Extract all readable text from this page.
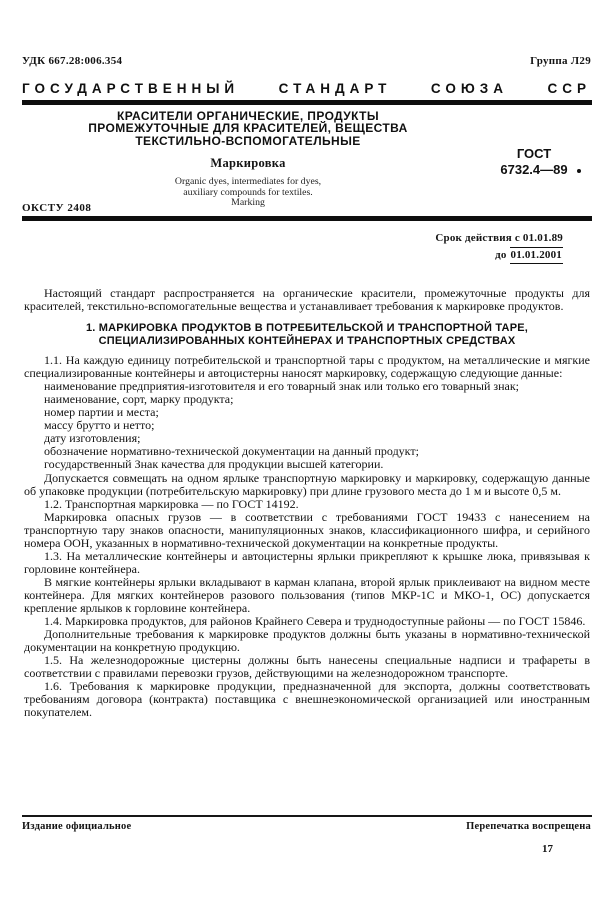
УДК 667.28:006.354	Группа Л29
ГОСУДАРСТВЕННЫЙ СТАНДАРТ СОЮЗА ССР
КРАСИТЕЛИ ОРГАНИЧЕСКИЕ, ПРОДУКТЫ
ПРОМЕЖУТОЧНЫЕ ДЛЯ КРАСИТЕЛЕЙ, ВЕЩЕСТВА
ТЕКСТИЛЬНО-ВСПОМОГАТЕЛЬНЫЕ
Маркировка
Organic dyes, intermediates for dyes,
auxiliary compounds for textiles.
Marking
ГОСТ
6732.4—89
ОКСТУ 2408
Срок действия с 01.01.89
до 01.01.2001

Настоящий стандарт распространяется на органические красители, промежуточные продукты для красителей, текстильно-вспомогательные вещества и устанавливает требования к маркировке продуктов.

1. МАРКИРОВКА ПРОДУКТОВ В ПОТРЕБИТЕЛЬСКОЙ И ТРАНСПОРТНОЙ ТАРЕ, СПЕЦИАЛИЗИРОВАННЫХ КОНТЕЙНЕРАХ И ТРАНСПОРТНЫХ СРЕДСТВАХ

1.1. На каждую единицу потребительской и транспортной тары с продуктом, на металлические и мягкие специализированные контейнеры и автоцистерны наносят маркировку, содержащую следующие данные:

наименование предприятия-изготовителя и его товарный знак или только его товарный знак;

наименование, сорт, марку продукта;

номер партии и места;

массу брутто и нетто;

дату изготовления;

обозначение нормативно-технической документации на данный продукт;

государственный Знак качества для продукции высшей категории.

Допускается совмещать на одном ярлыке транспортную маркировку и маркировку, содержащую данные об упаковке продукции (потребительскую маркировку) при длине грузового места до 1 м и высоте 0,5 м.

1.2. Транспортная маркировка — по ГОСТ 14192.

Маркировка опасных грузов — в соответствии с требованиями ГОСТ 19433 с нанесением на транспортную тару знаков опасности, манипуляционных знаков, классификационного шифра, и серийного номера ООН, указанных в нормативно-технической документации на конкретные продукты.

1.3. На металлические контейнеры и автоцистерны ярлыки прикрепляют к крышке люка, привязывая к горловине контейнера.

В мягкие контейнеры ярлыки вкладывают в карман клапана, второй ярлык приклеивают на видном месте контейнера. Для мягких контейнеров разового пользования (типов МКР-1С и МКО-1, ОС) допускается крепление ярлыков к горловине контейнера.

1.4. Маркировка продуктов, для районов Крайнего Севера и труднодоступные районы — по ГОСТ 15846.

Дополнительные требования к маркировке продуктов должны быть указаны в нормативно-технической документации на конкретную продукцию.

1.5. На железнодорожные цистерны должны быть нанесены специальные надписи и трафареты в соответствии с правилами перевозки грузов, действующими на железнодорожном транспорте.

1.6. Требования к маркировке продукции, предназначенной для экспорта, должны соответствовать требованиям договора (контракта) поставщика с внешнеэкономической организацией или иностранным покупателем.

Издание официальное	Перепечатка воспрещена
17
